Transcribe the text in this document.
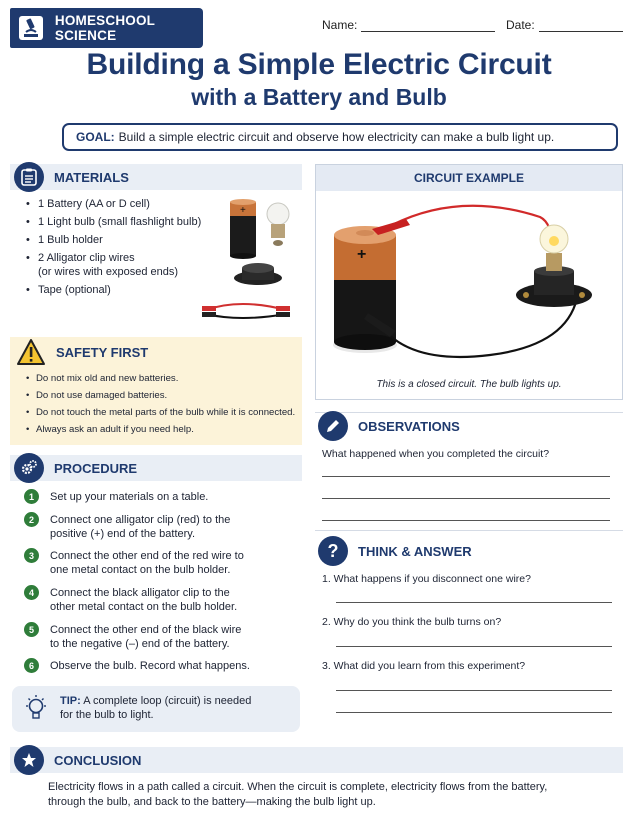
HOMESCHOOL SCIENCE
Name:	Date:
Building a Simple Electric Circuit
with a Battery and Bulb
GOAL: Build a simple electric circuit and observe how electricity can make a bulb light up.
MATERIALS
• 1 Battery (AA or D cell)
• 1 Light bulb (small flashlight bulb)
• 1 Bulb holder
• 2 Alligator clip wires
(or wires with exposed ends)
• Tape (optional)
+
SAFETY FIRST
• Do not mix old and new batteries.
• Do not use damaged batteries.
• Do not touch the metal parts of the bulb while it is connected.
• Always ask an adult if you need help.
PROCEDURE
1	Set up your materials on a table.
2	Connect one alligator clip (red) to the
positive (+) end of the battery.
3	Connect the other end of the red wire to
one metal contact on the bulb holder.
4	Connect the black alligator clip to the
other metal contact on the bulb holder.
5	Connect the other end of the black wire
to the negative (–) end of the battery.
6	Observe the bulb. Record what happens.
TIP: A complete loop (circuit) is needed
for the bulb to light.
CIRCUIT EXAMPLE
+
This is a closed circuit. The bulb lights up.
OBSERVATIONS
What happened when you completed the circuit?
? THINK & ANSWER
1. What happens if you disconnect one wire?
2. Why do you think the bulb turns on?
3. What did you learn from this experiment?
CONCLUSION
Electricity flows in a path called a circuit. When the circuit is complete, electricity flows from the battery,
through the bulb, and back to the battery—making the bulb light up.
